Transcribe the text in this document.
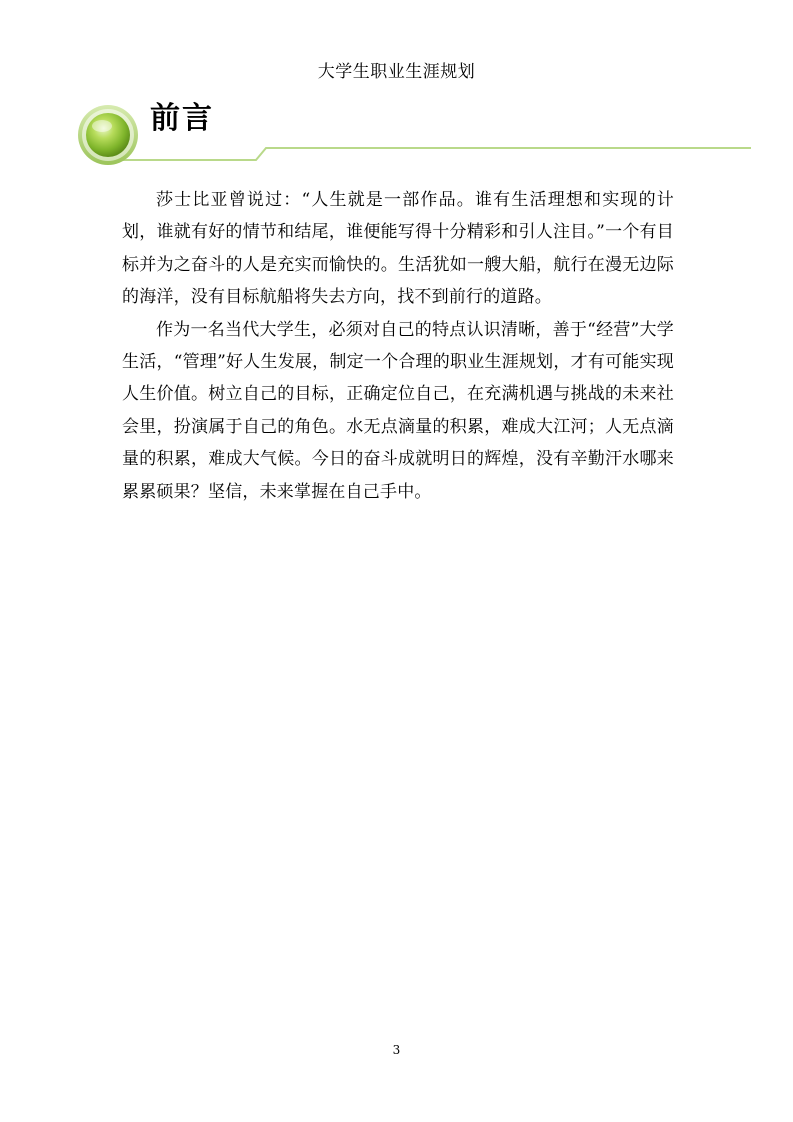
大学生职业生涯规划
前言

莎士比亚曾说过：“人生就是一部作品。谁有生活理想和实现的计划，谁就有好的情节和结尾，谁便能写得十分精彩和引人注目。”一个有目标并为之奋斗的人是充实而愉快的。生活犹如一艘大船，航行在漫无边际的海洋，没有目标航船将失去方向，找不到前行的道路。

作为一名当代大学生，必须对自己的特点认识清晰，善于“经营”大学生活，“管理”好人生发展，制定一个合理的职业生涯规划，才有可能实现人生价值。树立自己的目标，正确定位自己，在充满机遇与挑战的未来社会里，扮演属于自己的角色。水无点滴量的积累，难成大江河；人无点滴量的积累，难成大气候。今日的奋斗成就明日的辉煌，没有辛勤汗水哪来累累硕果？坚信，未来掌握在自己手中。

3
